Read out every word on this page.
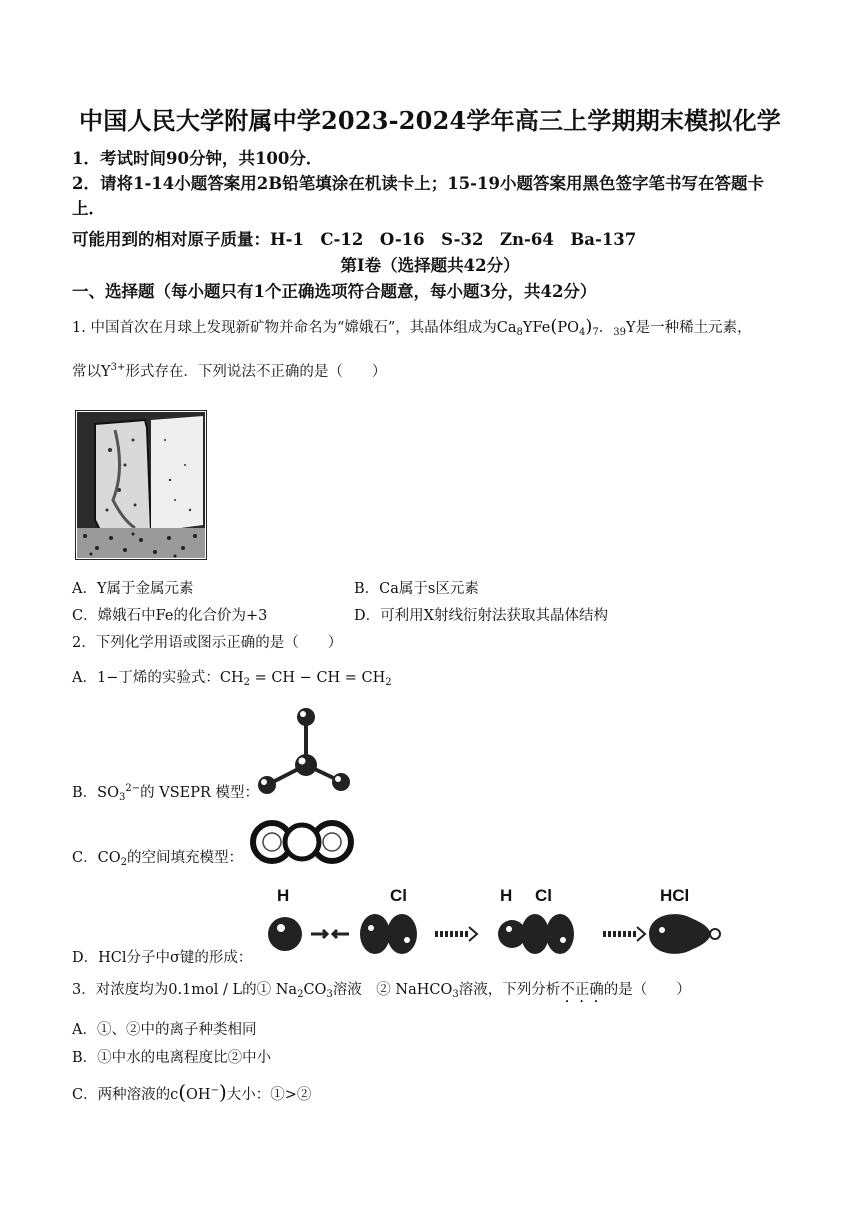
中国人民大学附属中学2023-2024学年高三上学期期末模拟化学
1．考试时间90分钟，共100分．
2．请将1-14小题答案用2B铅笔填涂在机读卡上；15-19小题答案用黑色签字笔书写在答题卡
上．
可能用到的相对原子质量：H-1　C-12　O-16　S-32　Zn-64　Ba-137
第Ⅰ卷（选择题共42分）
一、选择题（每小题只有1个正确选项符合题意，每小题3分，共42分）
1. 中国首次在月球上发现新矿物并命名为“嫦娥石”，其晶体组成为$Ca_8YFe(PO_4)_7$．$_{39}$Y是一种稀土元素，
常以$Y^{3+}$形式存在．下列说法不正确的是（　　）
A．Y属于金属元素	B．Ca属于s区元素
C．嫦娥石中Fe的化合价为+3	D．可利用X射线衍射法获取其晶体结构
2．下列化学用语或图示正确的是（　　）
A．1−丁烯的实验式：$CH_2$ = CH − CH = $CH_2$
B．$SO_3^{2-}$的 VSEPR 模型：
C．$CO_2$的空间填充模型：
H	Cl	H Cl	HCl
D．HCl分子中σ键的形成：
3．对浓度均为0.1mol / L的① $Na_2CO_3$溶液　② NaHCO$_3$溶液，下列分析不正确的是（　　）
A．①、②中的离子种类相同
B．①中水的电离程度比②中小
C．两种溶液的c(OH−)大小：①>②
